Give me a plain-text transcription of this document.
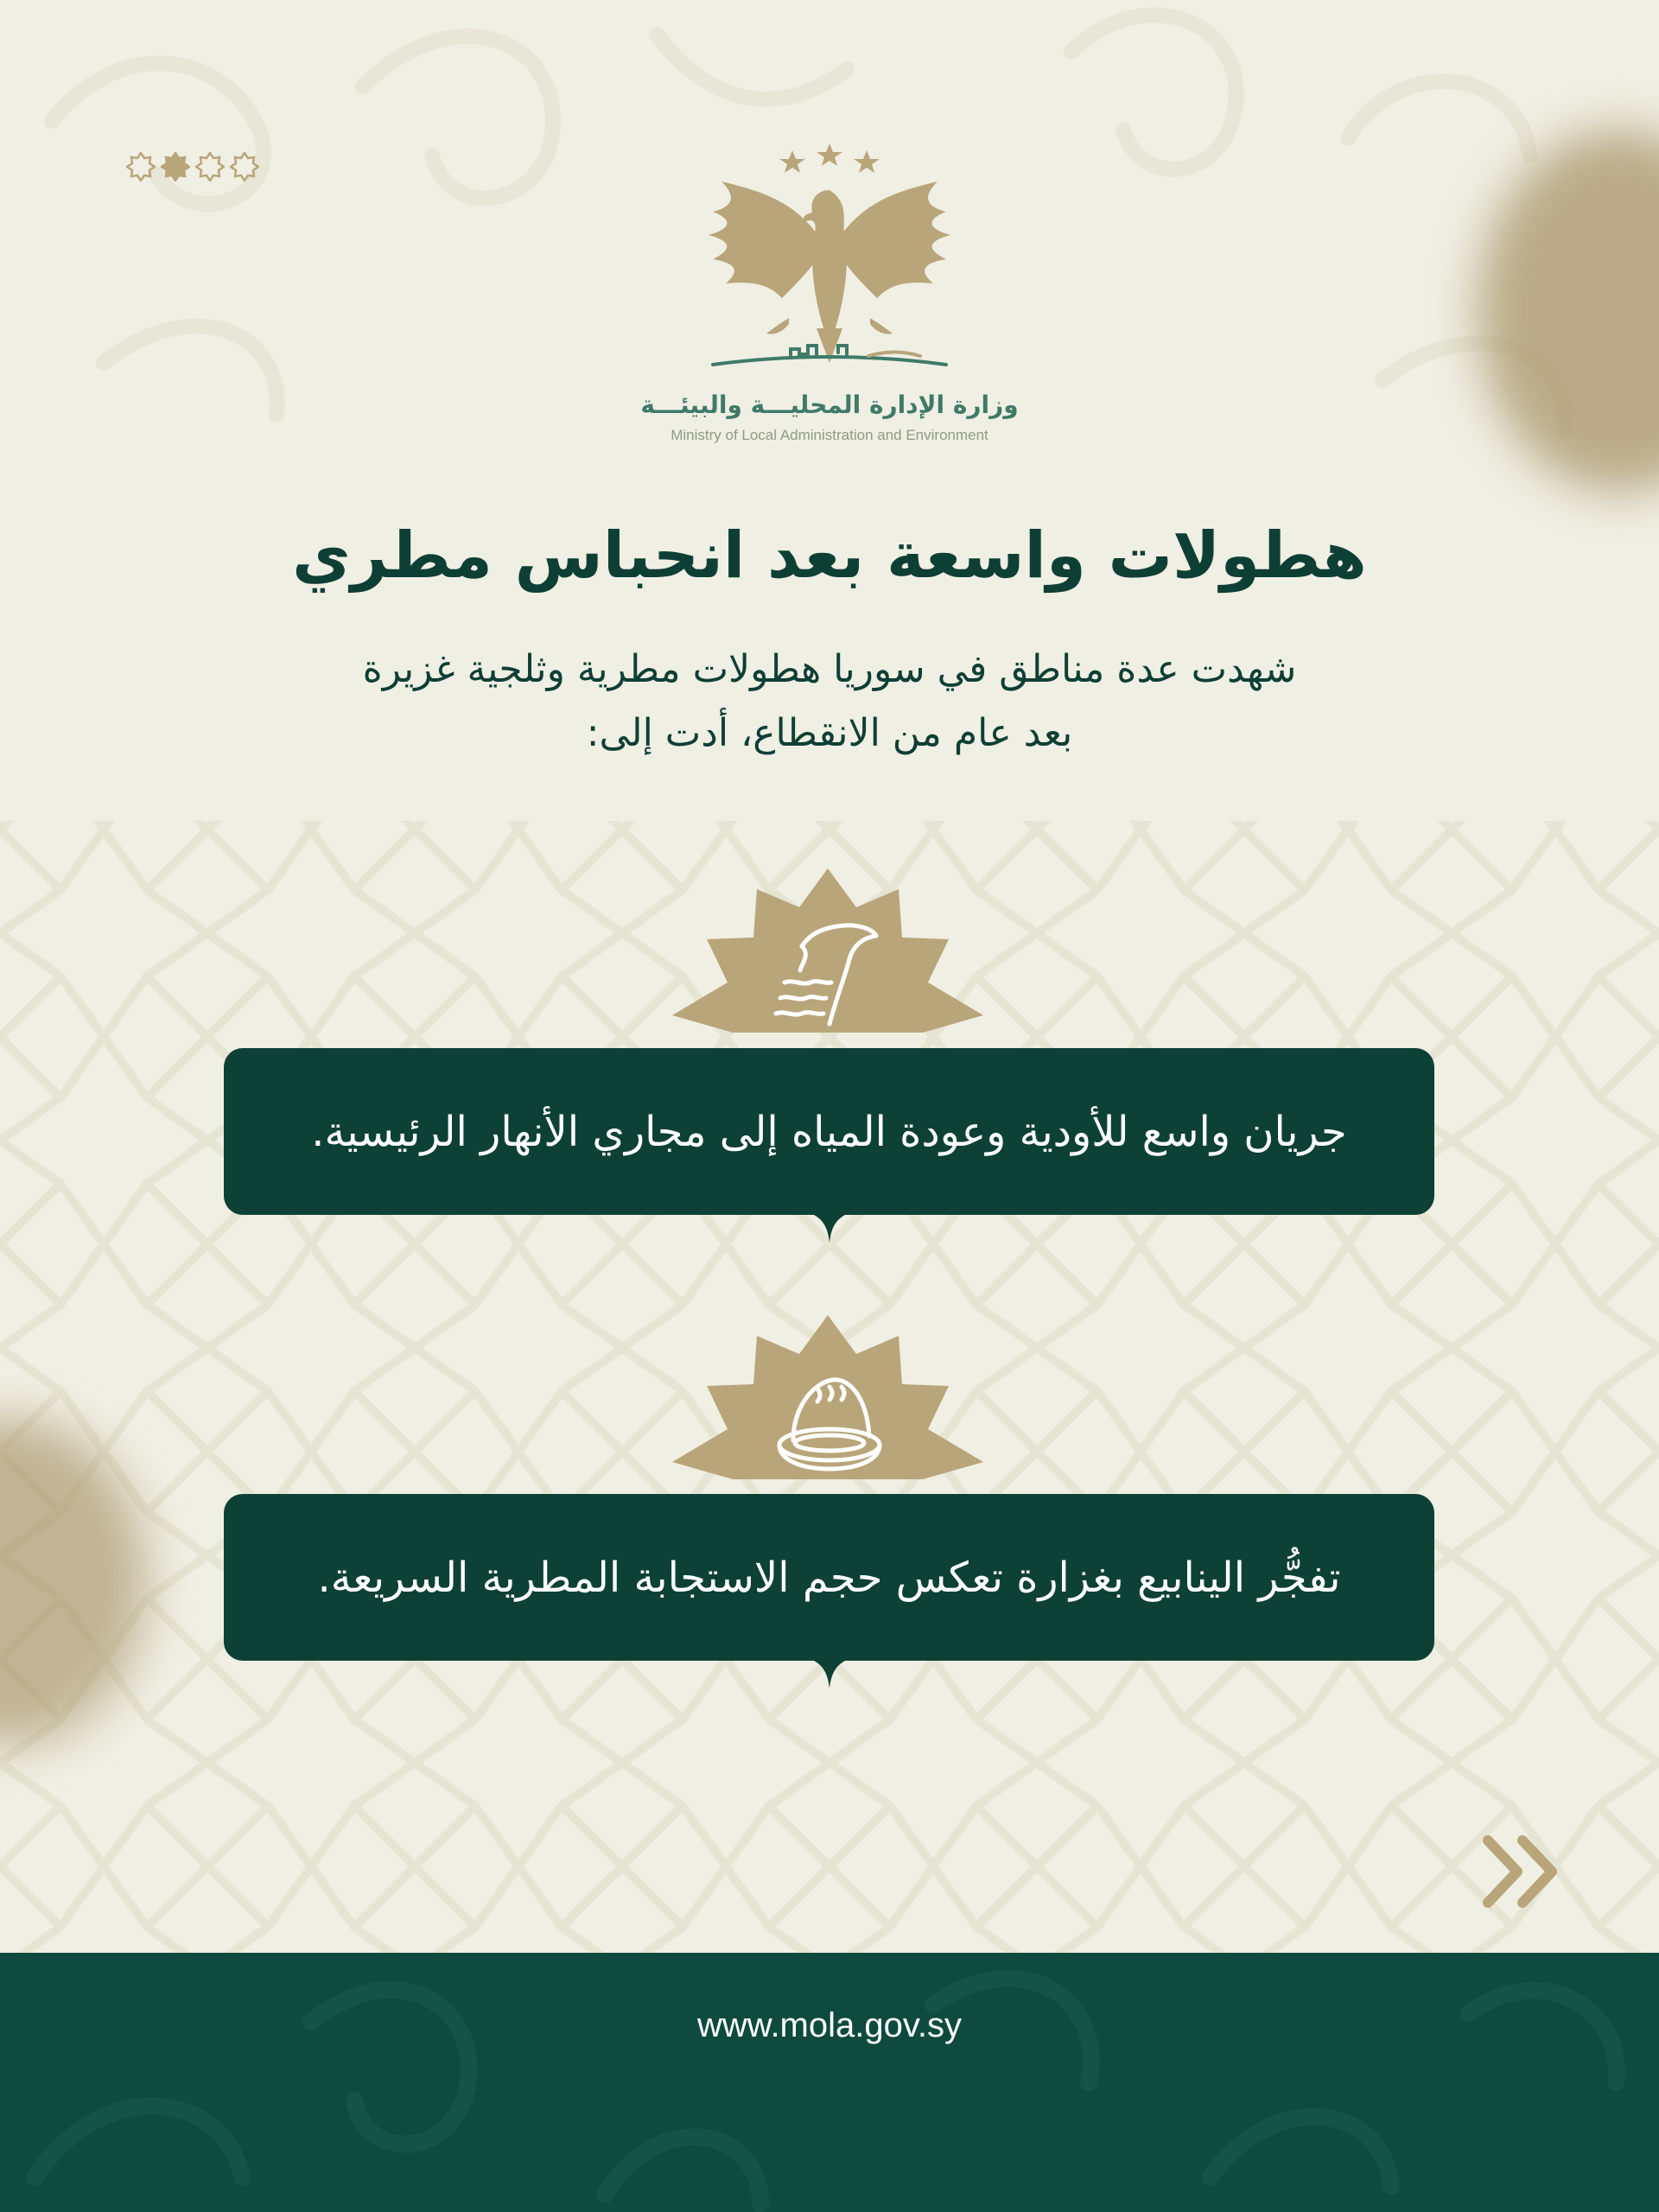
وزارة الإدارة المحليـــة والبيئـــة
Ministry of Local Administration and Environment
هطولات واسعة بعد انحباس مطري
شهدت عدة مناطق في سوريا هطولات مطرية وثلجية غزيرة
بعد عام من الانقطاع، أدت إلى:
جريان واسع للأودية وعودة المياه إلى مجاري الأنهار الرئيسية.
تفجُّر الينابيع بغزارة تعكس حجم الاستجابة المطرية السريعة.
www.mola.gov.sy
